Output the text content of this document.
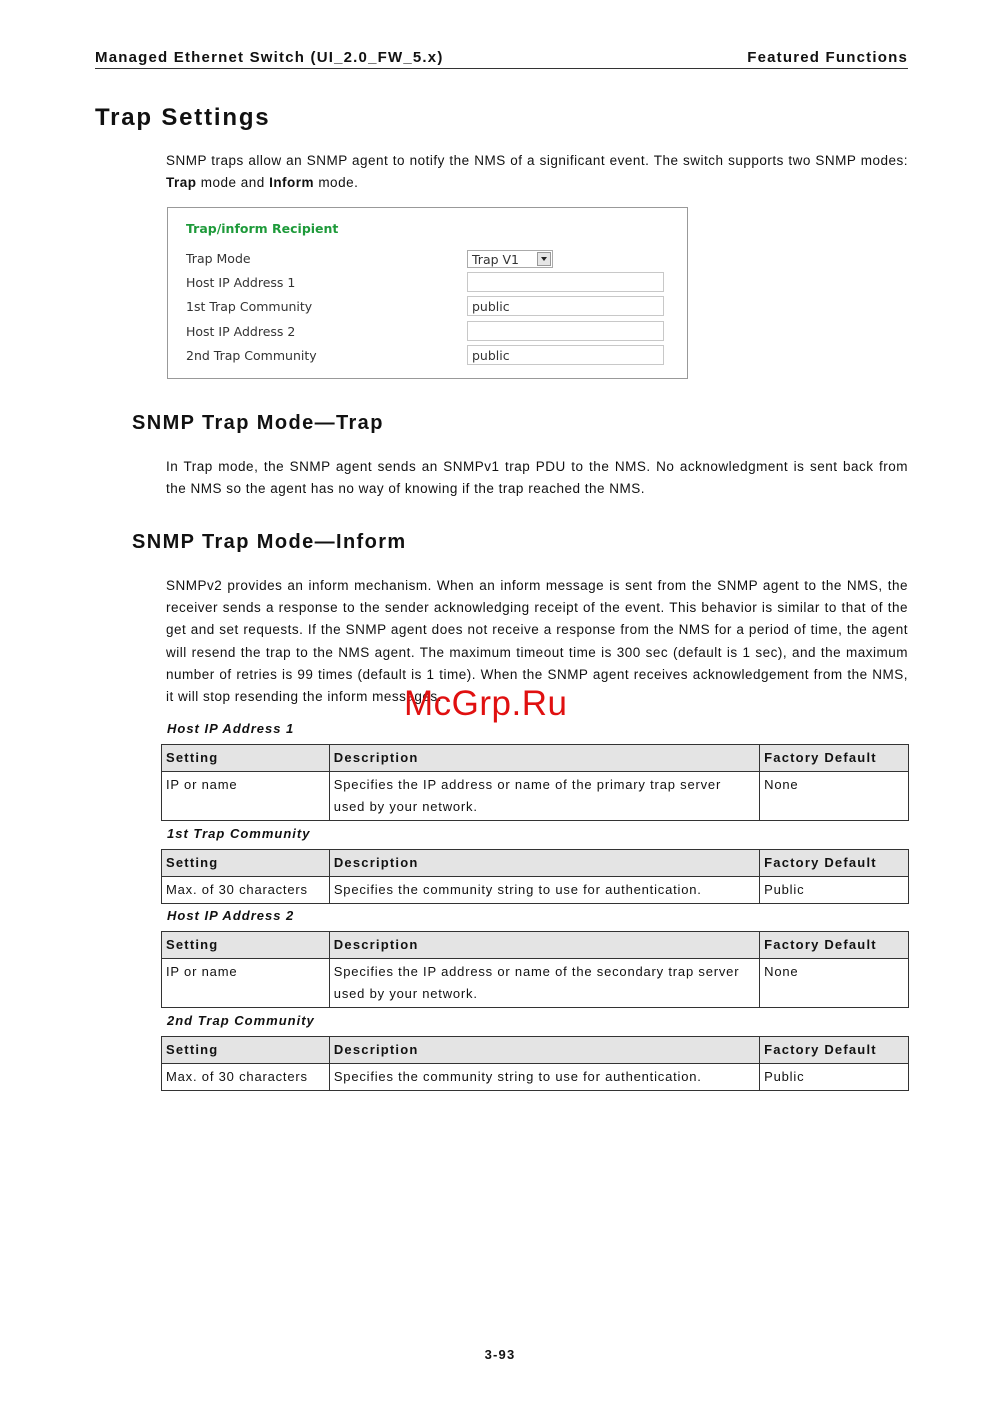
Managed Ethernet Switch (UI_2.0_FW_5.x)	Featured Functions
Trap Settings

SNMP traps allow an SNMP agent to notify the NMS of a significant event. The switch supports two SNMP modes: Trap mode and Inform mode.

Trap/inform Recipient
Trap Mode	Trap V1
Host IP Address 1
1st Trap Community	public
Host IP Address 2
2nd Trap Community	public
SNMP Trap Mode—Trap

In Trap mode, the SNMP agent sends an SNMPv1 trap PDU to the NMS. No acknowledgment is sent back from the NMS so the agent has no way of knowing if the trap reached the NMS.

SNMP Trap Mode—Inform

SNMPv2 provides an inform mechanism. When an inform message is sent from the SNMP agent to the NMS, the receiver sends a response to the sender acknowledging receipt of the event. This behavior is similar to that of the get and set requests. If the SNMP agent does not receive a response from the NMS for a period of time, the agent will resend the trap to the NMS agent. The maximum timeout time is 300 sec (default is 1 sec), and the maximum number of retries is 99 times (default is 1 time). When the SNMP agent receives acknowledgement from the NMS, it will stop resending the inform messages.

McGrp.Ru
Host IP Address 1
Setting	Description	Factory Default
IP or name	Specifies the IP address or name of the primary trap server used by your network.	None
1st Trap Community
Setting	Description	Factory Default
Max. of 30 characters	Specifies the community string to use for authentication.	Public
Host IP Address 2
Setting	Description	Factory Default
IP or name	Specifies the IP address or name of the secondary trap server used by your network.	None
2nd Trap Community
Setting	Description	Factory Default
Max. of 30 characters	Specifies the community string to use for authentication.	Public
3-93
